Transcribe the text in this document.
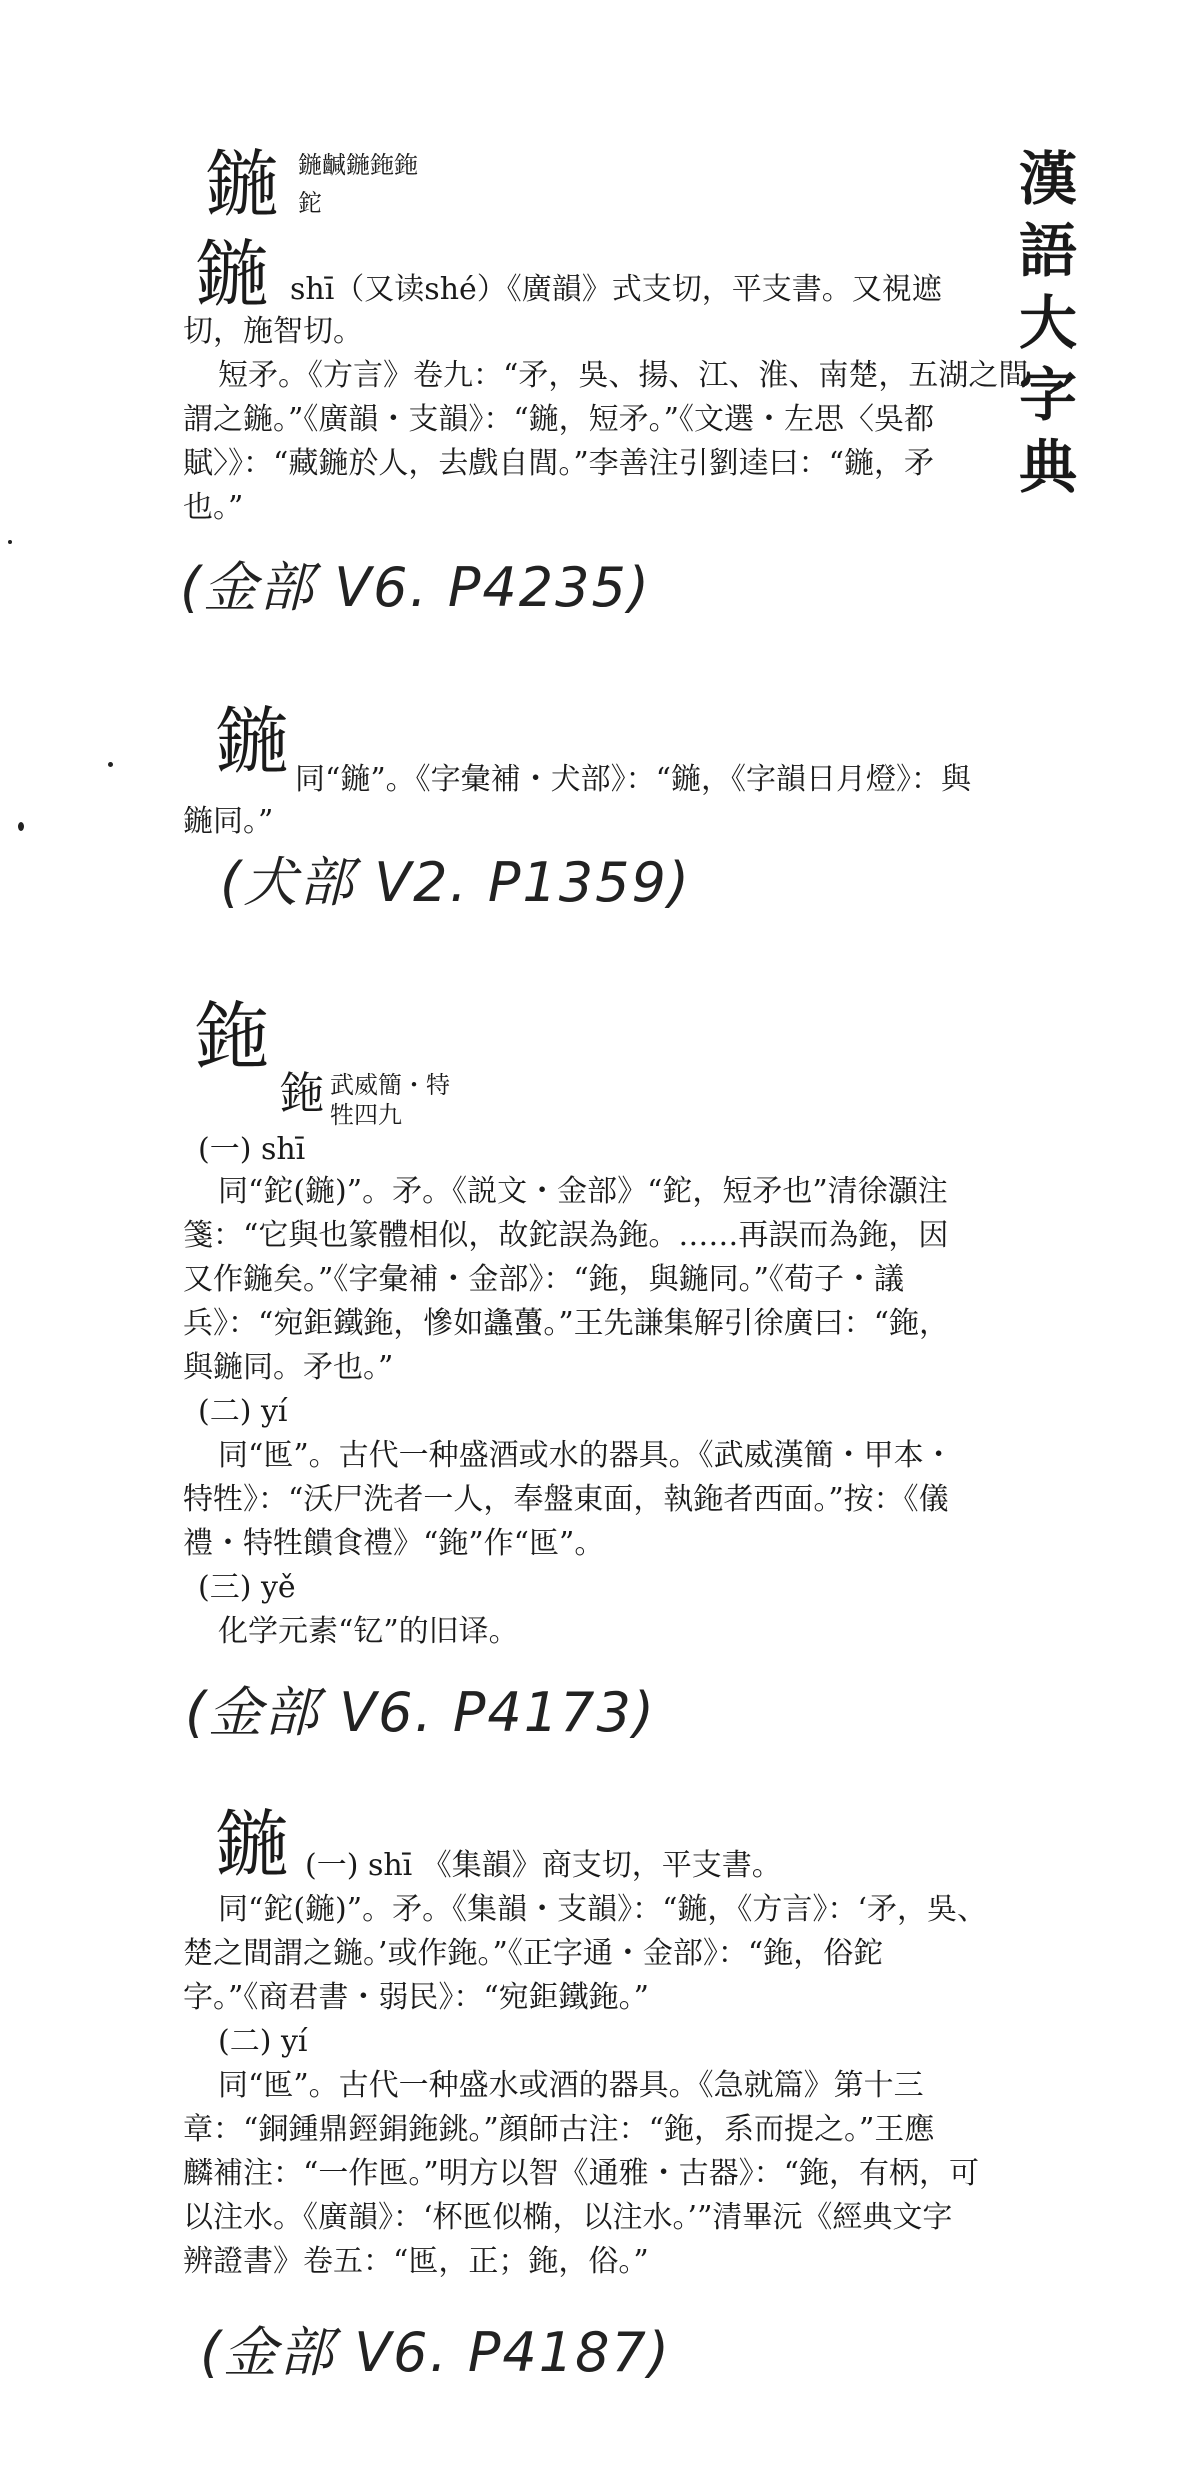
漢
語
大
字
典
鍦 鍦䶢鍦鉇鉇
鉈
鍦 shī（又读shé）《廣韻》式支切，平支書。又視遮
切，施智切。
短矛。《方言》卷九：“矛，吳、揚、江、淮、南楚，五湖之間
謂之鍦。”《廣韻・支韻》：“鍦，短矛。”《文選・左思〈吳都
賦〉》：“藏鍦於人，去戲自閭。”李善注引劉逵曰：“鍦，矛
也。”
(金部 V6. P4235)
鍦 同“鍦”。《字彙補・犬部》：“鍦，《字韻日月燈》：與
鍦同。”
(犬部 V2. P1359)
鉇
鉇 武威簡・特
牲四九
(一) shī
同“鉈(鍦)”。矛。《説文・金部》“鉈，短矛也”清徐灝注
箋：“它與也篆體相似，故鉈誤為鉇。……再誤而為鉇，因
又作鍦矣。”《字彙補・金部》：“鉇，與鍦同。”《荀子・議
兵》：“宛鉅鐵鉇，慘如蠭蠆。”王先謙集解引徐廣曰：“鉇，
與鍦同。矛也。”
(二) yí
同“匜”。古代一种盛酒或水的器具。《武威漢簡・甲本・
特牲》：“沃尸洗者一人，奉盤東面，執鉇者西面。”按：《儀
禮・特牲饋食禮》“鉇”作“匜”。
(三) yě
化学元素“钇”的旧译。
(金部 V6. P4173)
鍦 (一) shī 《集韻》商支切，平支書。
同“鉈(鍦)”。矛。《集韻・支韻》：“鍦，《方言》：‘矛，吳、
楚之間謂之鍦。’或作鉇。”《正字通・金部》：“鉇，俗鉈
字。”《商君書・弱民》：“宛鉅鐵鉇。”
(二) yí
同“匜”。古代一种盛水或酒的器具。《急就篇》第十三
章：“銅鍾鼎鋞鋗鉇銚。”顔師古注：“鉇，系而提之。”王應
麟補注：“一作匜。”明方以智《通雅・古器》：“鉇，有柄，可
以注水。《廣韻》：‘杯匜似椭，以注水。’”清畢沅《經典文字
辨證書》卷五：“匜，正；鉇，俗。”
(金部 V6. P4187)
